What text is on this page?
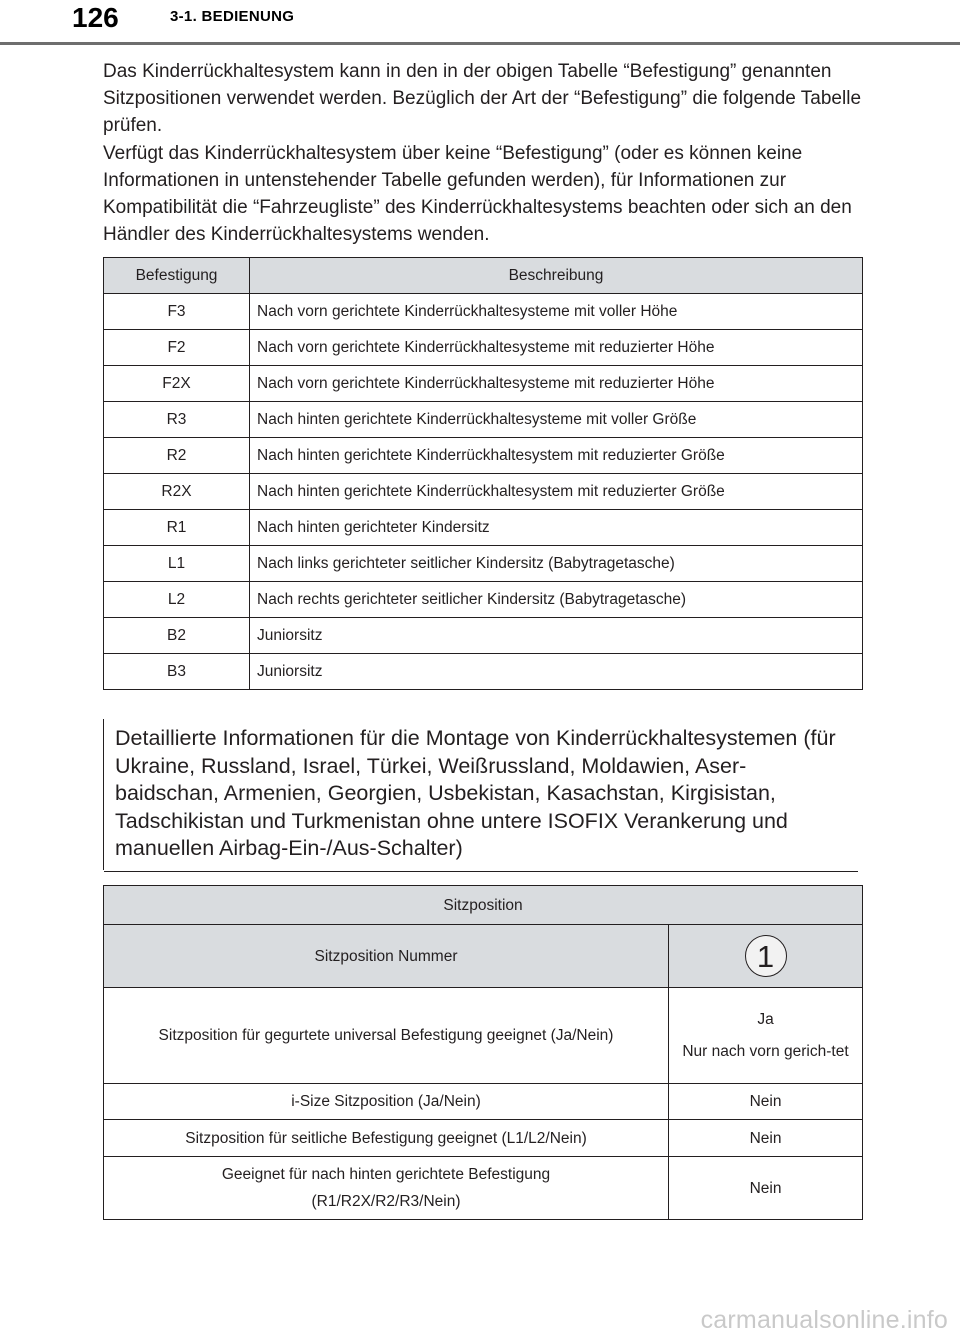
126	3-1. BEDIENUNG

Das Kinderrückhaltesystem kann in den in der obigen Tabelle “Befestigung” genannten Sitzpositionen verwendet werden. Bezüglich der Art der “Befestigung” die folgende Tabelle prüfen.

Verfügt das Kinderrückhaltesystem über keine “Befestigung” (oder es können keine Informationen in untenstehender Tabelle gefunden werden), für Informationen zur Kompatibilität die “Fahrzeugliste” des Kinderrückhaltesystems beachten oder sich an den Händler des Kinderrückhaltesystems wenden.

Befestigung	Beschreibung
F3	Nach vorn gerichtete Kinderrückhaltesysteme mit voller Höhe
F2	Nach vorn gerichtete Kinderrückhaltesysteme mit reduzierter Höhe
F2X	Nach vorn gerichtete Kinderrückhaltesysteme mit reduzierter Höhe
R3	Nach hinten gerichtete Kinderrückhaltesysteme mit voller Größe
R2	Nach hinten gerichtete Kinderrückhaltesystem mit reduzierter Größe
R2X	Nach hinten gerichtete Kinderrückhaltesystem mit reduzierter Größe
R1	Nach hinten gerichteter Kindersitz
L1	Nach links gerichteter seitlicher Kindersitz (Babytragetasche)
L2	Nach rechts gerichteter seitlicher Kindersitz (Babytragetasche)
B2	Juniorsitz
B3	Juniorsitz
Detaillierte Informationen für die Montage von Kinderrückhaltesystemen (für Ukraine, Russland, Israel, Türkei, Weißrussland, Moldawien, Aser-baidschan, Armenien, Georgien, Usbekistan, Kasachstan, Kirgisistan, Tadschikistan und Turkmenistan ohne untere ISOFIX Verankerung und manuellen Airbag-Ein-/Aus-Schalter)
Sitzposition	
Sitzposition Nummer	1
Sitzposition für gegurtete universal Befestigung geeignet (Ja/Nein)	Ja
Nur nach vorn gerich-tet

i-Size Sitzposition (Ja/Nein)	Nein
Sitzposition für seitliche Befestigung geeignet (L1/L2/Nein)	Nein

Geeignet für nach hinten gerichtete Befestigung
(R1/R2X/R2/R3/Nein)	Nein
carmanualsonline.info
